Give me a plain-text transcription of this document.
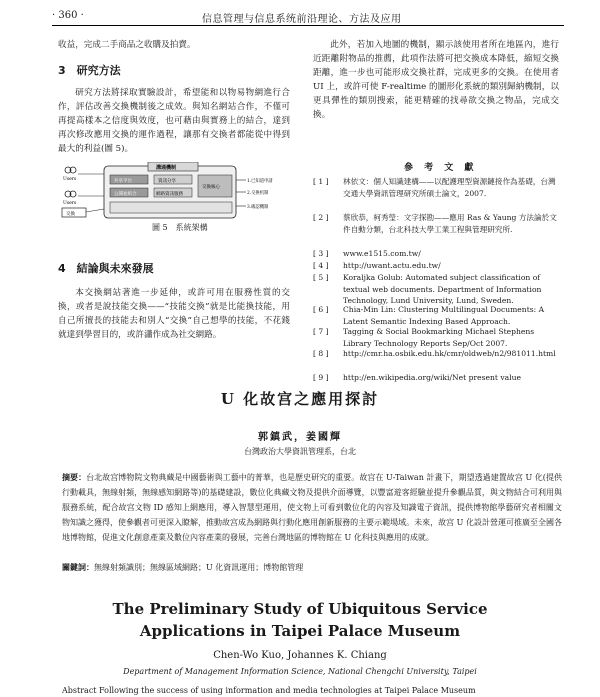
· 360 ·	信息管理与信息系统前沿理论、方法及应用

收益，完成二手商品之收購及拍賣。

3　研究方法

研究方法將採取實驗設計，希望能和以物易物網進行合作，評估改善交換機制後之成效。與知名網站合作，不僅可再提高樣本之信度與效度，也可藉由與實務上的結合，達到再次修改應用交換的運作過程，讓那有交換者都能從中得到最大的利益(圖 5)。

Users
Users
交換
溝通機制
共享平台
公開並組合
資訊分享
網路資訊服務
交換核心
1.已知道申請
2.交换机制
3.確認機制
圖 5　系統架構

4　結論與未來發展

本交換網站著進一步延伸，或許可用在服務性質的交換，或者是說技能交換——“技能交換”就是比能換技能，用自己所擅長的技能去和別人“交換”自己想學的技能，不花錢就達到學習目的，或許瀟作成為社交網路。

此外，若加入地圖的機制，顯示該使用者所在地區內，進行近距離附物品的推薦，此項作法將可把交換成本降低，縮短交換距離，進一步也可能形成交換社群，完成更多的交換。在使用者 UI 上，或許可使 F-realtime 的圖形化系統的類別歸納機制，以更具彈性的類別搜索，能更精確的找尋欲交換之物品，完成交換。

參 考 文 獻
[ 1 ]	林依文：個人知識建構——以配護理型資源鏈接作為基礎，台灣交通大學資訊管理研究所碩士論文，2007.
[ 2 ]	蔡欣恭，柯秀瑩：文字探勘——應用 Ras & Yaung 方法論於文件自動分類，台北科技大學工業工程與管理研究所.
[ 3 ]	www.e1515.com.tw/
[ 4 ]	http://uwant.actu.edu.tw/
[ 5 ]	Koraljka Golub: Automated subject classification of textual web documents. Department of Information Technology, Lund University, Lund, Sweden.
[ 6 ]	Chia-Min Lin: Clustering Multilingual Documents: A Latent Semantic Indexing Based Approach.
[ 7 ]	Tagging & Social Bookmarking Michael Stephens Library Technology Reports Sep/Oct 2007.
[ 8 ]	http://cmr.ha.osbik.edu.hk/cmr/oldweb/n2/981011.html
[ 9 ]	http://en.wikipedia.org/wiki/Net present value
U 化故宫之應用探討
郭鎮武，姜國輝
台灣政治大學資訊管理系，台北
摘要：台北故宫博物院文物典藏是中國藝術與工藝中的菁華，也是歷史研究的重要。故宫在 U-Taiwan 計畫下，期望透過建置故宫 U 化(提供行動載具，無線射頻，無線感知網路等)的基礎建設，數位化典藏文物及提供介面導覽，以豐富遊客經驗並提升參觀品質，與文物結合可利用與服務系統，配合故宫文物 ID 感知上網應用，導入智慧型運用，使文物上可看到數位化的內容及知識電子資訊，提供博物館學藝研究者相關文物知識之獲得，使參觀者可更深入瞭解，推動故宫成為網路與行動化應用創新服務的主要示範場域。未來，故宫 U 化設計營運可推廣至全國各地博物館，促進文化創意產業及數位內容產業的發展，完善台灣地區的博物館在 U 化科技與應用的成就。
關鍵詞：無線射頻識別；無線區域網路；U 化資訊運用；博物館管理
The Preliminary Study of Ubiquitous Service
Applications in Taipei Palace Museum
Chen-Wo Kuo, Johannes K. Chiang
Department of Management Information Science, National Chengchi University, Taipei
Abstract Following the success of using information and media technologies at Taipei Palace Museum
